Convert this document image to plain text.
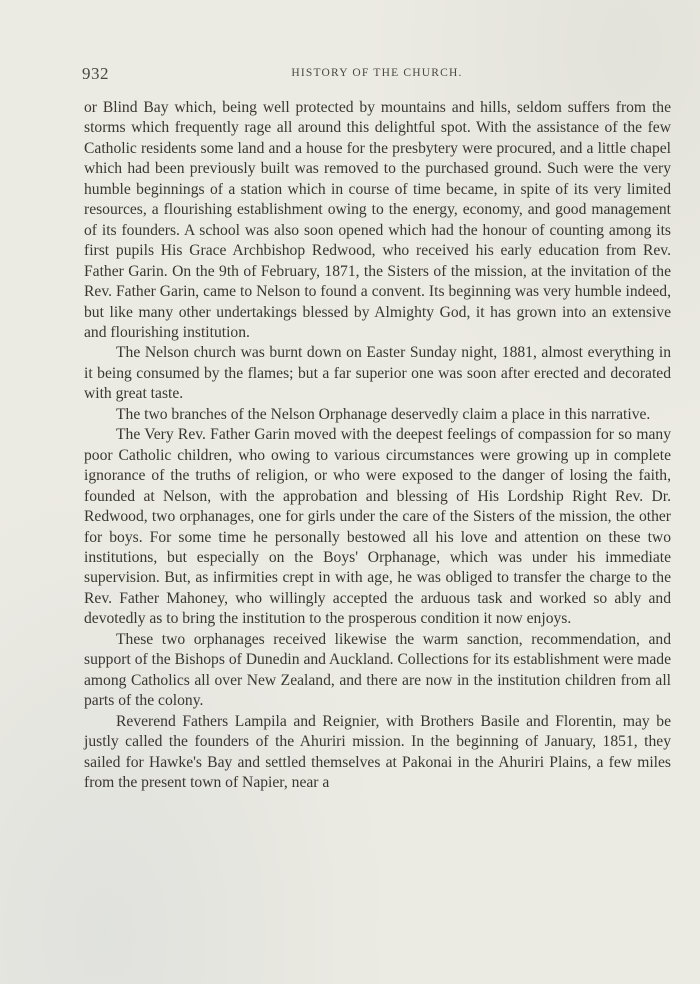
932	HISTORY OF THE CHURCH.

or Blind Bay which, being well protected by mountains and hills, seldom suffers from the storms which frequently rage all around this delightful spot. With the assistance of the few Catholic residents some land and a house for the presbytery were procured, and a little chapel which had been previously built was removed to the purchased ground. Such were the very humble beginnings of a station which in course of time became, in spite of its very limited resources, a flourishing establishment owing to the energy, economy, and good management of its founders. A school was also soon opened which had the honour of counting among its first pupils His Grace Archbishop Redwood, who received his early education from Rev. Father Garin. On the 9th of February, 1871, the Sisters of the mission, at the invitation of the Rev. Father Garin, came to Nelson to found a convent. Its beginning was very humble indeed, but like many other undertakings blessed by Almighty God, it has grown into an extensive and flourishing institution.

The Nelson church was burnt down on Easter Sunday night, 1881, almost everything in it being consumed by the flames; but a far superior one was soon after erected and decorated with great taste.

The two branches of the Nelson Orphanage deservedly claim a place in this narrative.

The Very Rev. Father Garin moved with the deepest feelings of compassion for so many poor Catholic children, who owing to various circumstances were growing up in complete ignorance of the truths of religion, or who were exposed to the danger of losing the faith, founded at Nelson, with the approbation and blessing of His Lordship Right Rev. Dr. Redwood, two orphanages, one for girls under the care of the Sisters of the mission, the other for boys. For some time he personally bestowed all his love and attention on these two institutions, but especially on the Boys' Orphanage, which was under his immediate supervision. But, as infirmities crept in with age, he was obliged to transfer the charge to the Rev. Father Mahoney, who willingly accepted the arduous task and worked so ably and devotedly as to bring the institution to the prosperous condition it now enjoys.

These two orphanages received likewise the warm sanction, recommendation, and support of the Bishops of Dunedin and Auckland. Collections for its establishment were made among Catholics all over New Zealand, and there are now in the institution children from all parts of the colony.

Reverend Fathers Lampila and Reignier, with Brothers Basile and Florentin, may be justly called the founders of the Ahuriri mission. In the beginning of January, 1851, they sailed for Hawke's Bay and settled themselves at Pakonai in the Ahuriri Plains, a few miles from the present town of Napier, near a
